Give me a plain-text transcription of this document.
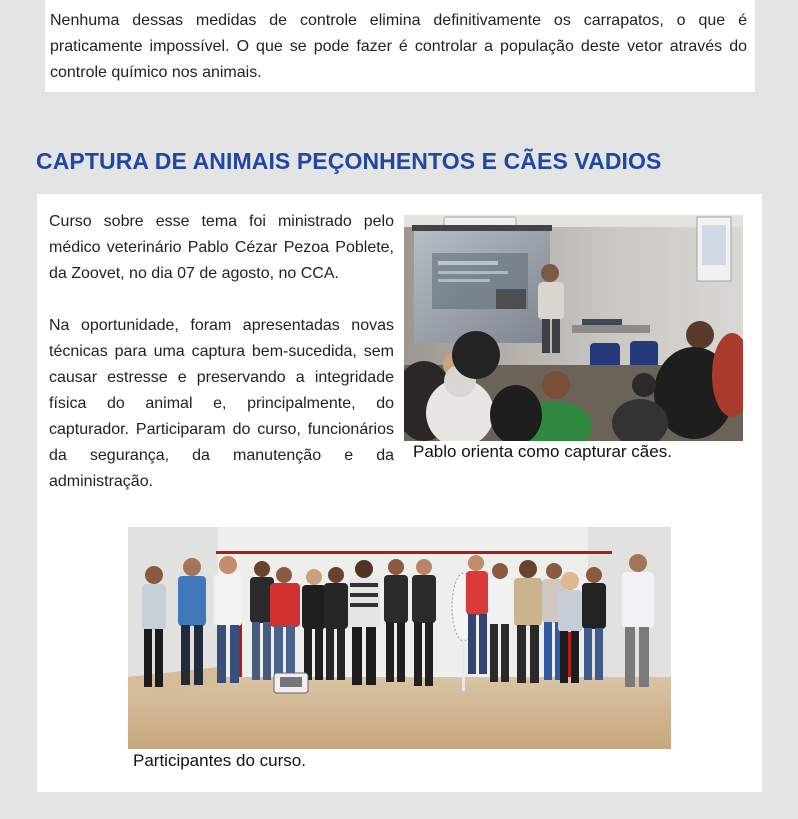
Nenhuma dessas medidas de controle elimina definitivamente os carrapatos, o que é praticamente impossível. O que se pode fazer é controlar a população deste vetor através do controle químico nos animais.

CAPTURA DE ANIMAIS PEÇONHENTOS E CÃES VADIOS

Curso sobre esse tema foi ministrado pelo médico veterinário Pablo Cézar Pezoa Poblete, da Zoovet, no dia 07 de agosto, no CCA.

Na oportunidade, foram apresentadas novas técnicas para uma captura bem-sucedida, sem causar estresse e preservando a integridade física do animal e, principalmente, do capturador. Participaram do curso, funcionários da segurança, da manutenção e da administração.

Pablo orienta como capturar cães.
Participantes do curso.
